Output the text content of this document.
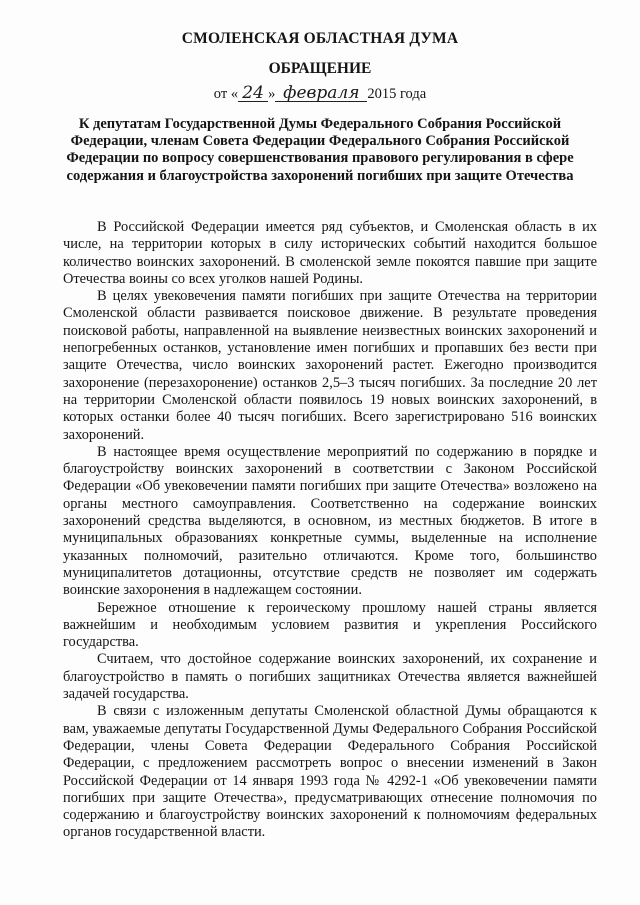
СМОЛЕНСКАЯ ОБЛАСТНАЯ ДУМА
ОБРАЩЕНИЕ
от « 24 » февраля 2015 года
К депутатам Государственной Думы Федерального Собрания Российской Федерации, членам Совета Федерации Федерального Собрания Российской Федерации по вопросу совершенствования правового регулирования в сфере содержания и благоустройства захоронений погибших при защите Отечества

В Российской Федерации имеется ряд субъектов, и Смоленская область в их числе, на территории которых в силу исторических событий находится большое количество воинских захоронений. В смоленской земле покоятся павшие при защите Отечества воины со всех уголков нашей Родины.

В целях увековечения памяти погибших при защите Отечества на территории Смоленской области развивается поисковое движение. В результате проведения поисковой работы, направленной на выявление неизвестных воинских захоронений и непогребенных останков, установление имен погибших и пропавших без вести при защите Отечества, число воинских захоронений растет. Ежегодно производится захоронение (перезахоронение) останков 2,5–3 тысяч погибших. За последние 20 лет на территории Смоленской области появилось 19 новых воинских захоронений, в которых останки более 40 тысяч погибших. Всего зарегистрировано 516 воинских захоронений.

В настоящее время осуществление мероприятий по содержанию в порядке и благоустройству воинских захоронений в соответствии с Законом Российской Федерации «Об увековечении памяти погибших при защите Отечества» возложено на органы местного самоуправления. Соответственно на содержание воинских захоронений средства выделяются, в основном, из местных бюджетов. В итоге в муниципальных образованиях конкретные суммы, выделенные на исполнение указанных полномочий, разительно отличаются. Кроме того, большинство муниципалитетов дотационны, отсутствие средств не позволяет им содержать воинские захоронения в надлежащем состоянии.

Бережное отношение к героическому прошлому нашей страны является важнейшим и необходимым условием развития и укрепления Российского государства.

Считаем, что достойное содержание воинских захоронений, их сохранение и благоустройство в память о погибших защитниках Отечества является важнейшей задачей государства.

В связи с изложенным депутаты Смоленской областной Думы обращаются к вам, уважаемые депутаты Государственной Думы Федерального Собрания Российской Федерации, члены Совета Федерации Федерального Собрания Российской Федерации, с предложением рассмотреть вопрос о внесении изменений в Закон Российской Федерации от 14 января 1993 года № 4292-1 «Об увековечении памяти погибших при защите Отечества», предусматривающих отнесение полномочия по содержанию и благоустройству воинских захоронений к полномочиям федеральных органов государственной власти.
